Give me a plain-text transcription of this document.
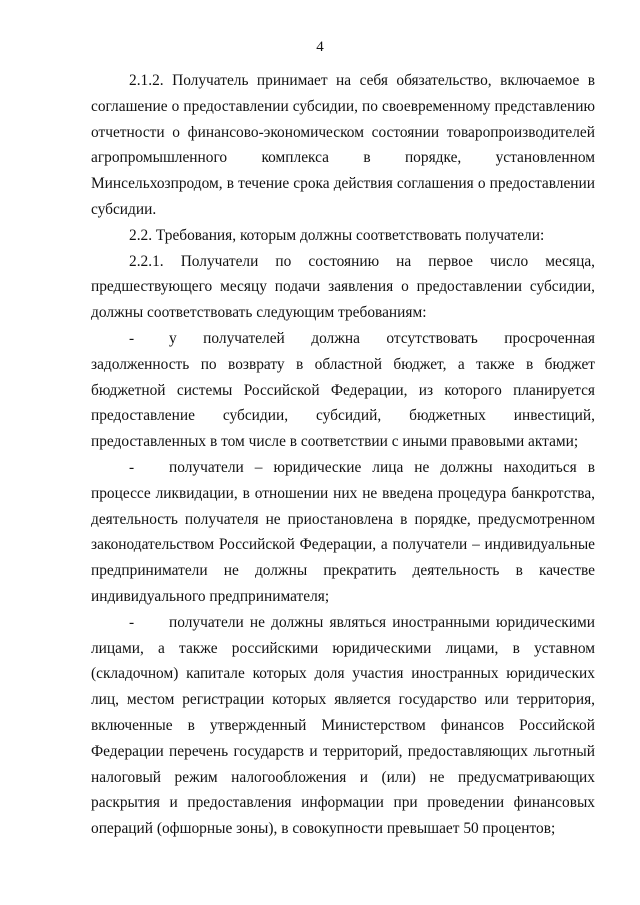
4

2.1.2. Получатель принимает на себя обязательство, включаемое в соглашение о предоставлении субсидии, по своевременному представлению отчетности о финансово-экономическом состоянии товаропроизводителей агропромышленного комплекса в порядке, установленном Минсельхозпродом, в течение срока действия соглашения о предоставлении субсидии.

2.2. Требования, которым должны соответствовать получатели:

2.2.1. Получатели по состоянию на первое число месяца, предшествующего месяцу подачи заявления о предоставлении субсидии, должны соответствовать следующим требованиям:

- у получателей должна отсутствовать просроченная задолженность по возврату в областной бюджет, а также в бюджет бюджетной системы Российской Федерации, из которого планируется предоставление субсидии, субсидий, бюджетных инвестиций, предоставленных в том числе в соответствии с иными правовыми актами;

- получатели – юридические лица не должны находиться в процессе ликвидации, в отношении них не введена процедура банкротства, деятельность получателя не приостановлена в порядке, предусмотренном законодательством Российской Федерации, а получатели – индивидуальные предприниматели не должны прекратить деятельность в качестве индивидуального предпринимателя;

- получатели не должны являться иностранными юридическими лицами, а также российскими юридическими лицами, в уставном (складочном) капитале которых доля участия иностранных юридических лиц, местом регистрации которых является государство или территория, включенные в утвержденный Министерством финансов Российской Федерации перечень государств и территорий, предоставляющих льготный налоговый режим налогообложения и (или) не предусматривающих раскрытия и предоставления информации при проведении финансовых операций (офшорные зоны), в совокупности превышает 50 процентов;
